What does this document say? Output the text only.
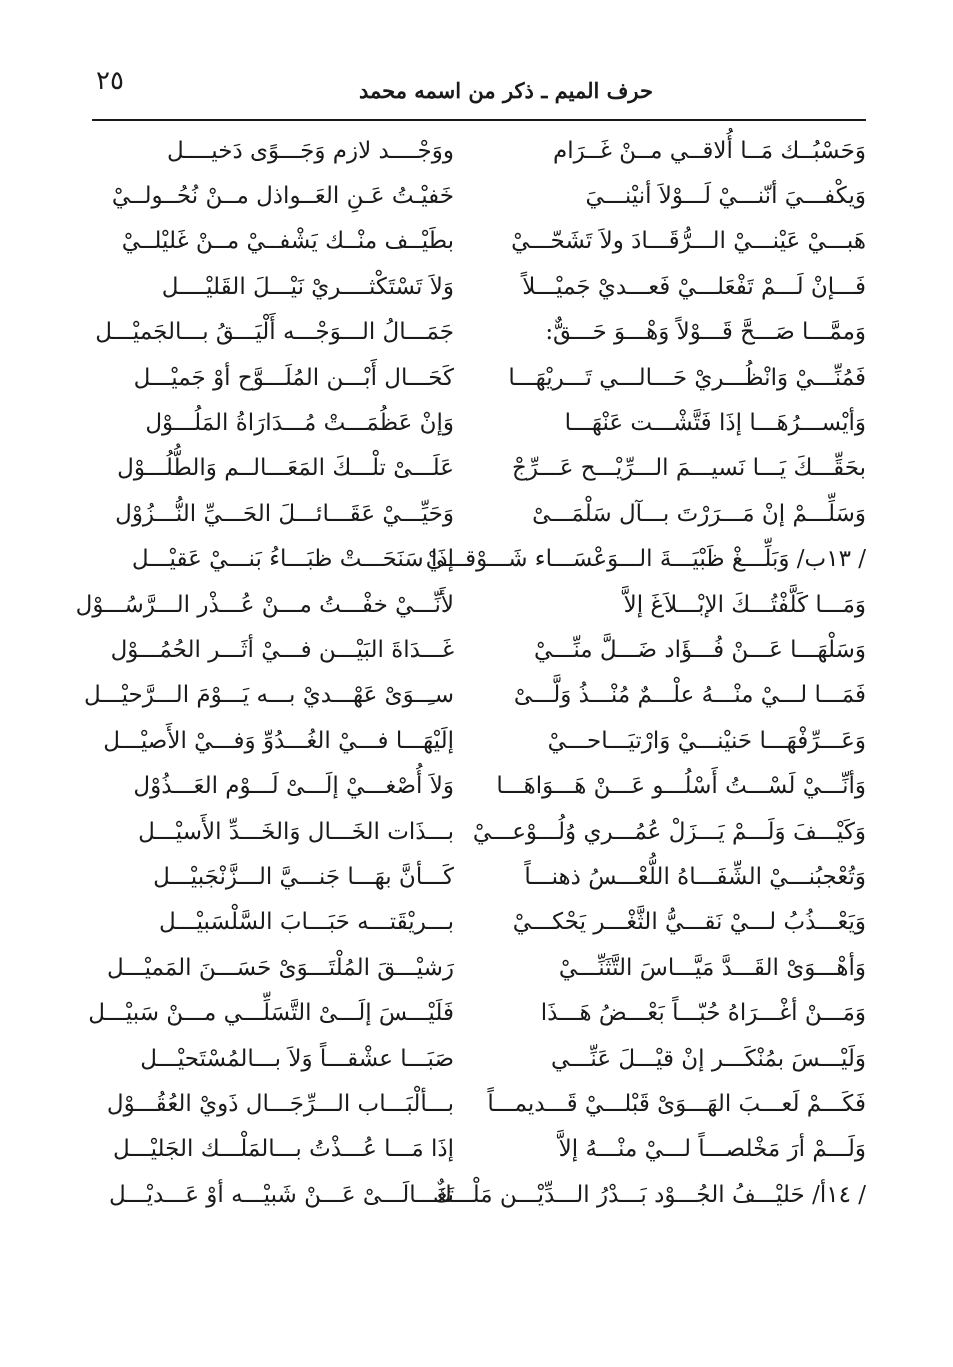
٢٥	حرف الميم ـ ذكر من اسمه محمد
وَحَسْبُــك مَــا أُلاقــي مــنْ غَــرَام
ووَجْــــد لازم وَجَـــوًى دَخيــــل
وَيكْفـــيَ أنّنـــيْ لَـــوْلاَ أنيْنـــيَ
خَفيْـتُ عَـنِ العَــواذل مــنْ نُحُــولــيْ
هَبـــيْ عَيْنـــيْ الـــرُّقَـــادَ ولاَ تَشَحّـــيْ
بطَيْــف منْــك يَشْفــيْ مــنْ غَليْلــيْ
فَـــإنْ لَـــمْ تَفْعَلـــيْ فَعـــديْ جَميْـــلاً
وَلاَ تَسْتَكْثــــريْ نَيْـــلَ القَليْــــل
وَممَّـــا صَـــحَّ قَـــوْلاً وَهْـــوَ حَـــقٌّ:
جَمَـــالُ الـــوَجْـــه أَلْيَـــقُ بـــالجَميْـــل
فَمُنِّـــيْ وَانْظُـــريْ حَـــالـــي تَـــريْهَـــا
كَحَـــال أَبْـــن المُلَـــوَّح أوْ جَميْـــل
وَأيْســـرُهَـــا إذَا فَتَّشْـــت عَنْهَـــا
وَإنْ عَظُمَـــتْ مُـــدَارَاةُ المَلُـــوْل
بحَقِّـــكَ يَـــا نَسيـــمَ الـــرِّيْـــح عَـــرِّجْ
عَلَـــىْ تلْـــكَ المَعَـــالــم وَالطُّلُـــوْل
وَسَلِّـــمْ إنْ مَـــرَرْتَ بـــآل سَلْمَـــىْ
وَحَيِّـــيْ عَقَـــائـــلَ الحَـــيِّ النُّـــزُوْل
/ ١٣ب/ وَبَلِّـــغْ ظَبْيَـــةَ الـــوَعْسَـــاء شَـــوْقـــيْ
إذَا سَنَحَـــتْ ظبَـــاءُ بَنـــيْ عَقيْـــل
وَمَـــا كَلَّفْتُـــكَ الإبْـــلاَغَ إلاَّ
لأَنِّـــيْ خفْـــتُ مـــنْ عُـــذْر الـــرَّسُـــوْل
وَسَلْهَـــا عَـــنْ فُـــؤَاد ضَـــلَّ منِّـــيْ
غَـــدَاةَ البَيْـــن فـــيْ أثَـــر الحُمُـــوْل
فَمَـــا لـــيْ منْـــهُ علْـــمٌ مُنْـــذُ وَلَّـــىْ
سـِــوَىْ عَهْـــديْ بـــه يَـــوْمَ الـــرَّحيْـــل
وَعَـــرِّفْهَـــا حَنيْنـــيْ وَارْتيَـــاحـــيْ
إلَيْهَـــا فـــيْ الغُـــدُوِّ وَفـــيْ الأَصيْـــل
وَأنِّـــيْ لَسْـــتُ أَسْلُـــو عَـــنْ هَـــوَاهَـــا
وَلاَ أُصْغـــيْ إلَـــىْ لَـــوْم العَـــذُوْل
وَكَيْـــفَ وَلَـــمْ يَـــزَلْ عُمُـــري وُلُـــوْعـــيْ
بـــذَات الخَـــال وَالخَـــدِّ الأَسيْـــل
وَتُعْجبُنـــيْ الشِّفَـــاهُ اللُّعْـــسُ ذهنـــاً
كَـــأنَّ بهَـــا جَنـــيَّ الـــزَّنْجَبيْـــل
وَيَعْـــذُبُ لـــيْ نَقـــيُّ الثَّغْـــر يَحْكـــيْ
بـــريْقَتـــه حَبَـــابَ السَّلْسَبيْـــل
وَأهْـــوَىْ القَـــدَّ مَيَّـــاسَ التَّثَنِّـــيْ
رَشيْـــقَ المُلْتَـــوَىْ حَسَـــنَ المَميْـــل
وَمَـــنْ أغْـــرَاهُ حُبّـــاً بَعْـــضُ هَـــذَا
فَلَيْـــسَ إلَـــىْ التَّسَلِّـــي مـــنْ سَبيْـــل
وَلَيْـــسَ بمُنْكَـــر إنْ قيْـــلَ عَنِّـــي
صَبَـــا عشْقـــاً وَلاَ بـــالمُسْتَحيْـــل
فَكَـــمْ لَعـــبَ الهَـــوَىْ قَبْلـــيْ قَـــديمـــاً
بـــألْبَـــاب الـــرِّجَـــال ذَويْ العُقُـــوْل
وَلَـــمْ أرَ مَخْلصـــاً لـــيْ منْـــهُ إلاَّ
إذَا مَـــا عُـــذْتُ بـــالمَلْـــك الجَليْـــل
/ ١٤أ/ حَليْـــفُ الجُـــوْد بَـــدْرُ الـــدِّيْـــن مَلْـــكٌ
تَعَـــالَـــىْ عَـــنْ شَبيْـــه أوْ عَـــديْـــل
